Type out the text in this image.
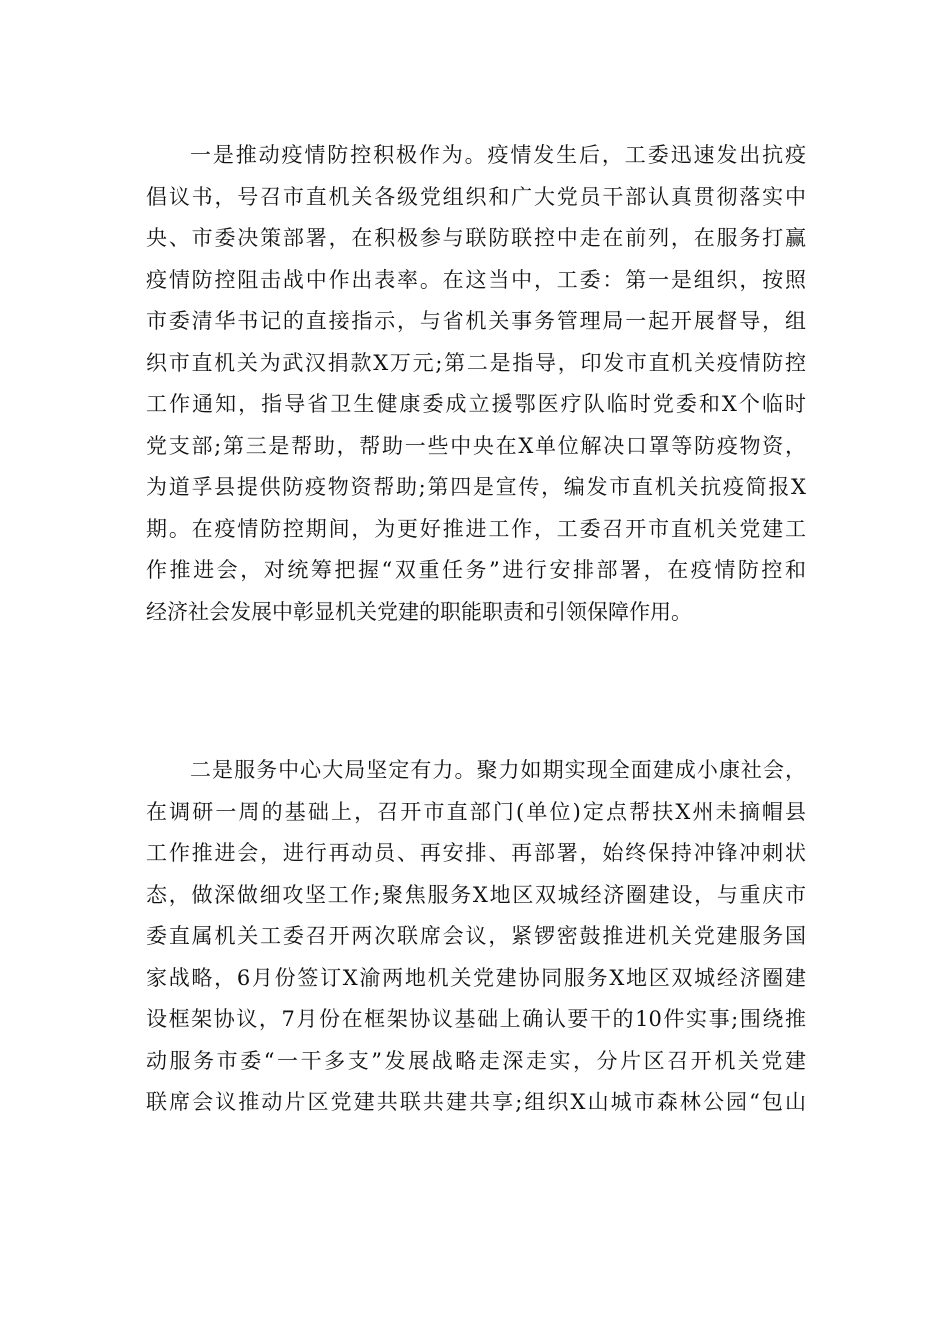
一是推动疫情防控积极作为。疫情发生后，工委迅速发出抗疫
倡议书，号召市直机关各级党组织和广大党员干部认真贯彻落实中
央、市委决策部署，在积极参与联防联控中走在前列，在服务打赢
疫情防控阻击战中作出表率。在这当中，工委：第一是组织，按照
市委清华书记的直接指示，与省机关事务管理局一起开展督导，组
织市直机关为武汉捐款X万元;第二是指导，印发市直机关疫情防控
工作通知，指导省卫生健康委成立援鄂医疗队临时党委和X个临时
党支部;第三是帮助，帮助一些中央在X单位解决口罩等防疫物资，
为道孚县提供防疫物资帮助;第四是宣传，编发市直机关抗疫简报X
期。在疫情防控期间，为更好推进工作，工委召开市直机关党建工
作推进会，对统筹把握“双重任务”进行安排部署，在疫情防控和
经济社会发展中彰显机关党建的职能职责和引领保障作用。
二是服务中心大局坚定有力。聚力如期实现全面建成小康社会，
在调研一周的基础上，召开市直部门(单位)定点帮扶X州未摘帽县
工作推进会，进行再动员、再安排、再部署，始终保持冲锋冲刺状
态，做深做细攻坚工作;聚焦服务X地区双城经济圈建设，与重庆市
委直属机关工委召开两次联席会议，紧锣密鼓推进机关党建服务国
家战略，6月份签订X渝两地机关党建协同服务X地区双城经济圈建
设框架协议，7月份在框架协议基础上确认要干的10件实事;围绕推
动服务市委“一干多支”发展战略走深走实，分片区召开机关党建
联席会议推动片区党建共联共建共享;组织X山城市森林公园“包山
